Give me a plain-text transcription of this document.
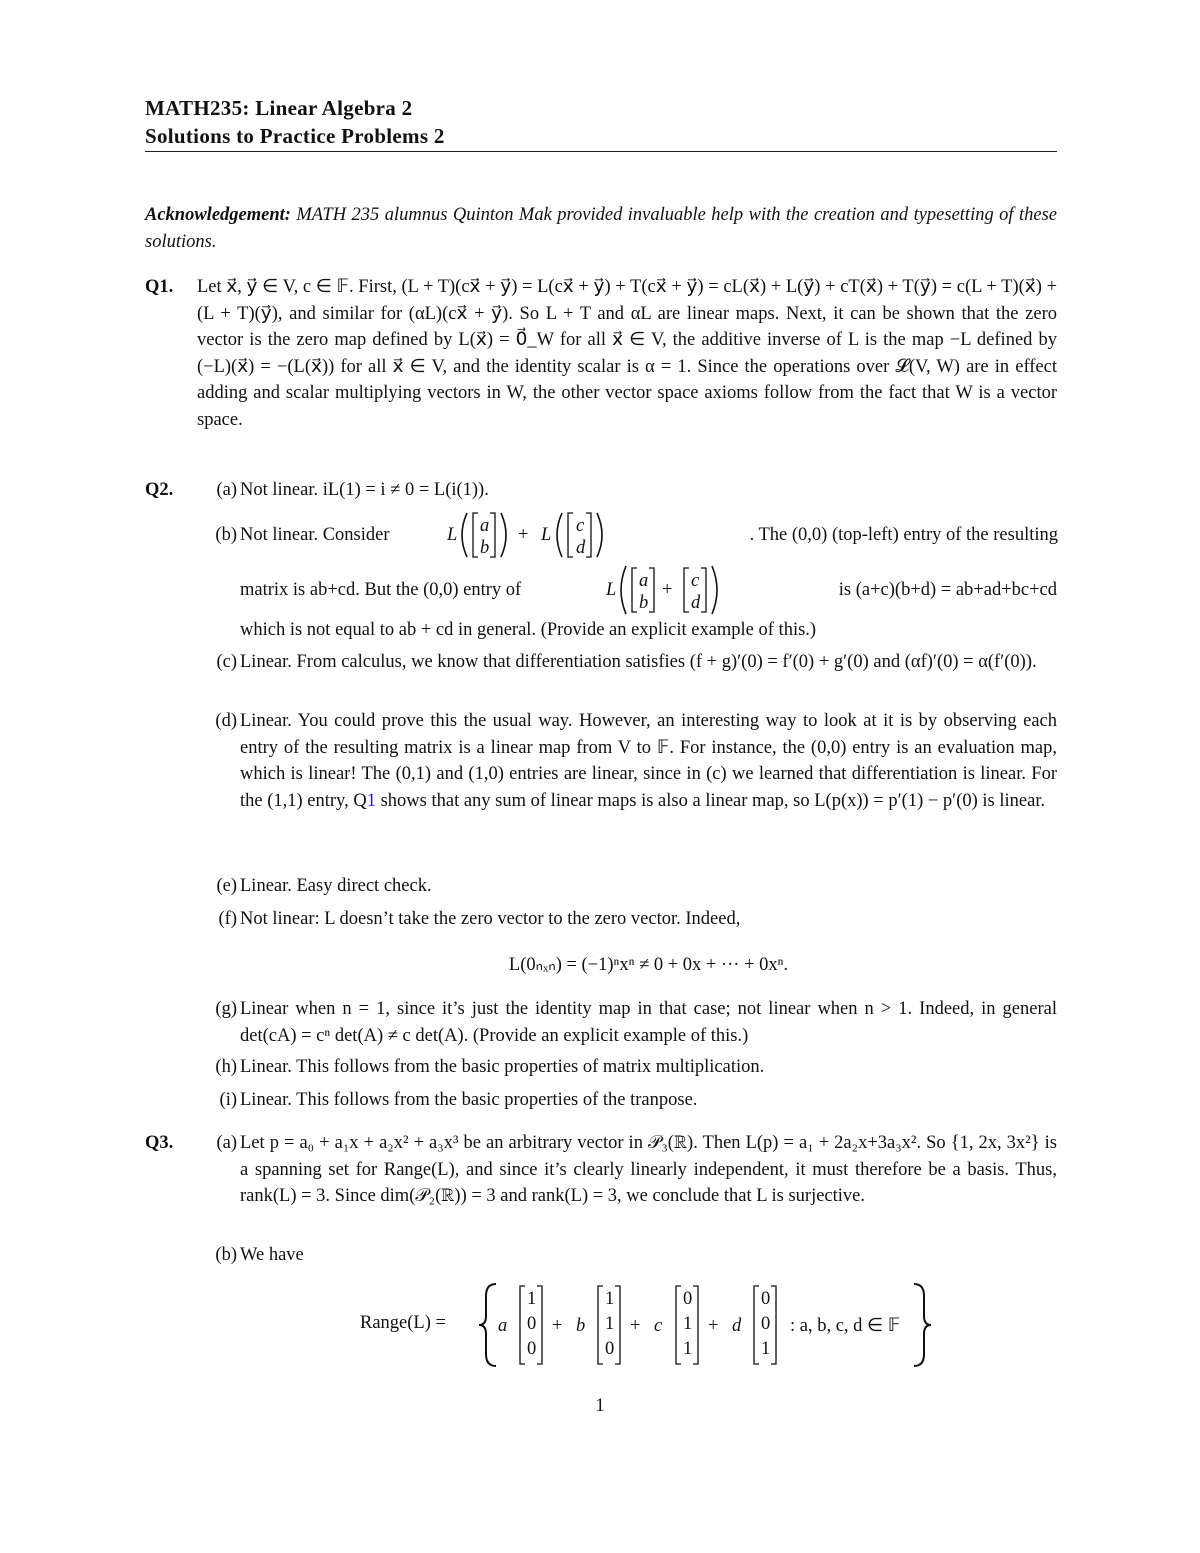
MATH235: Linear Algebra 2
Solutions to Practice Problems 2
Acknowledgement: MATH 235 alumnus Quinton Mak provided invaluable help with the creation and typesetting of these solutions.
Q1. Let x⃗, y⃗ ∈ V, c ∈ 𝔽. First, (L + T)(cx⃗ + y⃗) = L(cx⃗ + y⃗) + T(cx⃗ + y⃗) = cL(x⃗) + L(y⃗) + cT(x⃗) + T(y⃗) = c(L + T)(x⃗) + (L + T)(y⃗), and similar for (αL)(cx⃗ + y⃗). So L + T and αL are linear maps. Next, it can be shown that the zero vector is the zero map defined by L(x⃗) = 0⃗_W for all x⃗ ∈ V, the additive inverse of L is the map −L defined by (−L)(x⃗) = −(L(x⃗)) for all x⃗ ∈ V, and the identity scalar is α = 1. Since the operations over 𝓛(V, W) are in effect adding and scalar multiplying vectors in W, the other vector space axioms follow from the fact that W is a vector space.
Q2.	(a) Not linear. iL(1) = i ≠ 0 = L(i(1)).
(b) Not linear. Consider	. The (0,0) (top-left) entry of the resulting
L a
b
+ L c
d
matrix is ab+cd. But the (0,0) entry of	L a
b
+ c
d
is (a+c)(b+d) = ab+ad+bc+cd
which is not equal to ab + cd in general. (Provide an explicit example of this.)
(c) Linear. From calculus, we know that differentiation satisfies (f + g)′(0) = f′(0) + g′(0) and (αf)′(0) = α(f′(0)).
(d) Linear. You could prove this the usual way. However, an interesting way to look at it is by observing each entry of the resulting matrix is a linear map from V to 𝔽. For instance, the (0,0) entry is an evaluation map, which is linear! The (0,1) and (1,0) entries are linear, since in (c) we learned that differentiation is linear. For the (1,1) entry, Q1 shows that any sum of linear maps is also a linear map, so L(p(x)) = p′(1) − p′(0) is linear.
(e) Linear. Easy direct check.
(f) Not linear: L doesn’t take the zero vector to the zero vector. Indeed,
L(0ₙₓₙ) = (−1)ⁿxⁿ ≠ 0 + 0x + ··· + 0xⁿ.
(g) Linear when n = 1, since it’s just the identity map in that case; not linear when n > 1. Indeed, in general det(cA) = cⁿ det(A) ≠ c det(A). (Provide an explicit example of this.)
(h) Linear. This follows from the basic properties of matrix multiplication.
(i) Linear. This follows from the basic properties of the tranpose.
Q3.	(a) Let p = a₀ + a₁x + a₂x² + a₃x³ be an arbitrary vector in 𝒫₃(ℝ). Then L(p) = a₁ + 2a₂x+3a₃x². So {1, 2x, 3x²} is a spanning set for Range(L), and since it’s clearly linearly independent, it must therefore be a basis. Thus, rank(L) = 3. Since dim(𝒫₂(ℝ)) = 3 and rank(L) = 3, we conclude that L is surjective.
(b) We have
Range(L) =	a
1
0
0
+ b
1
1
0
+ c
0
1
1
+ d
0
0
1
: a, b, c, d ∈ 𝔽
1
